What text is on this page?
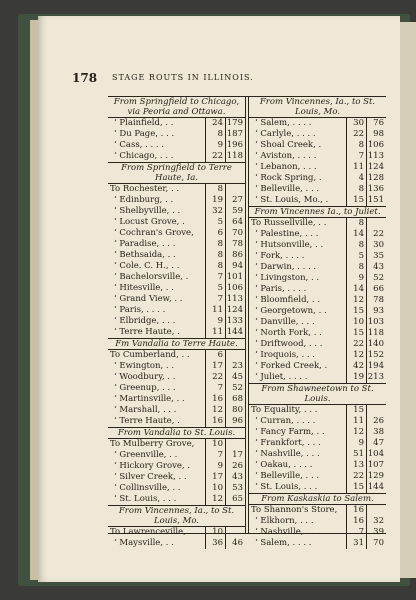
178 STAGE ROUTS IN ILLINOIS.
From Springfield to Chicago,
via Peoria and Ottawa.
‘ Plainfield, . .	24 179
‘ Du Page, . . .	8 187
‘ Cass, . . . .	9 196
‘ Chicago, . . .	22 118
From Springfield to Terre
Haute, Ia.
To Rochester, . .	8
‘ Edinburg, . .	19	27
‘ Shelbyville, . .	32	59
‘ Locust Grove, .	5	64
‘ Cochran's Grove,	6	70
‘ Paradise, . . .	8	78
‘ Bethsaida, . .	8	86
‘ Cole. C. H., . .	8	94
‘ Bachelorsville, .	7 101
‘ Hitesville, . .	5 106
‘ Grand View, . .	7 113
‘ Paris, . . . .	11 124
‘ Elbridge, . . .	9 133
‘ Terre Haute, .	11 144
Fm Vandalia to Terre Haute.
To Cumberland, . .	6
‘ Ewington, . .	17	23
‘ Woodbury, . .	22	45
‘ Greenup, . . .	7	52
‘ Martinsville, . .	16	68
‘ Marshall, . . .	12	80
‘ Terre Haute, .	16	96
From Vandalia to St. Louis.
To Mulberry Grove,	10
‘ Greenville, . .	7	17
‘ Hickory Grove, .	9	26
‘ Silver Creek, . .	17	43
‘ Collinsville, . .	10	53
‘ St. Louis, . . .	12	65
From Vincennes, Ia., to St.
Louis, Mo.
To Lawrenceville, .	10
‘ Maysville, . .	36	46
From Vincennes, Ia., to St.
Louis, Mo.
‘ Salem, . . . .	30	76
‘ Carlyle, . . . .	22	98
‘ Shoal Creek, .	8 106
‘ Aviston, . . . .	7 113
‘ Lebanon, . . .	11 124
‘ Rock Spring, .	4 128
‘ Belleville, . . .	8 136
‘ St. Louis, Mo., .	15 151
From Vincennes Ia., to Juliet.
To Russellville, . .	8
‘ Palestine, . . .	14	22
‘ Hutsonville, . .	8	30
‘ Fork, . . . .	5	35
‘ Darwin, . . . .	8	43
‘ Livingston, . .	9	52
‘ Paris, . . . .	14	66
‘ Bloomfield, . .	12	78
‘ Georgetown, . .	15	93
‘ Danville, . . .	10 103
‘ North Fork, . .	15 118
‘ Driftwood, . . .	22 140
‘ Iroquois, . . .	12 152
‘ Forked Creek, .	42 194
‘ Juliet, . . . .	19 213
From Shawneetown to St.
Louis.
To Equality, . . .	15
‘ Curran, . . . .	11	26
‘ Fancy Farm, . .	12	38
‘ Frankfort, . . .	9	47
‘ Nashville, . . .	51 104
‘ Oakau, . . . .	13 107
‘ Belleville, . . .	22 129
‘ St. Louis, . . .	15 144
From Kaskaskia to Salem.
To Shannon's Store,	16
‘ Elkhorn, . . .	16	32
‘ Nashville, . . .	7	39
‘ Salem, . . . .	31	70
